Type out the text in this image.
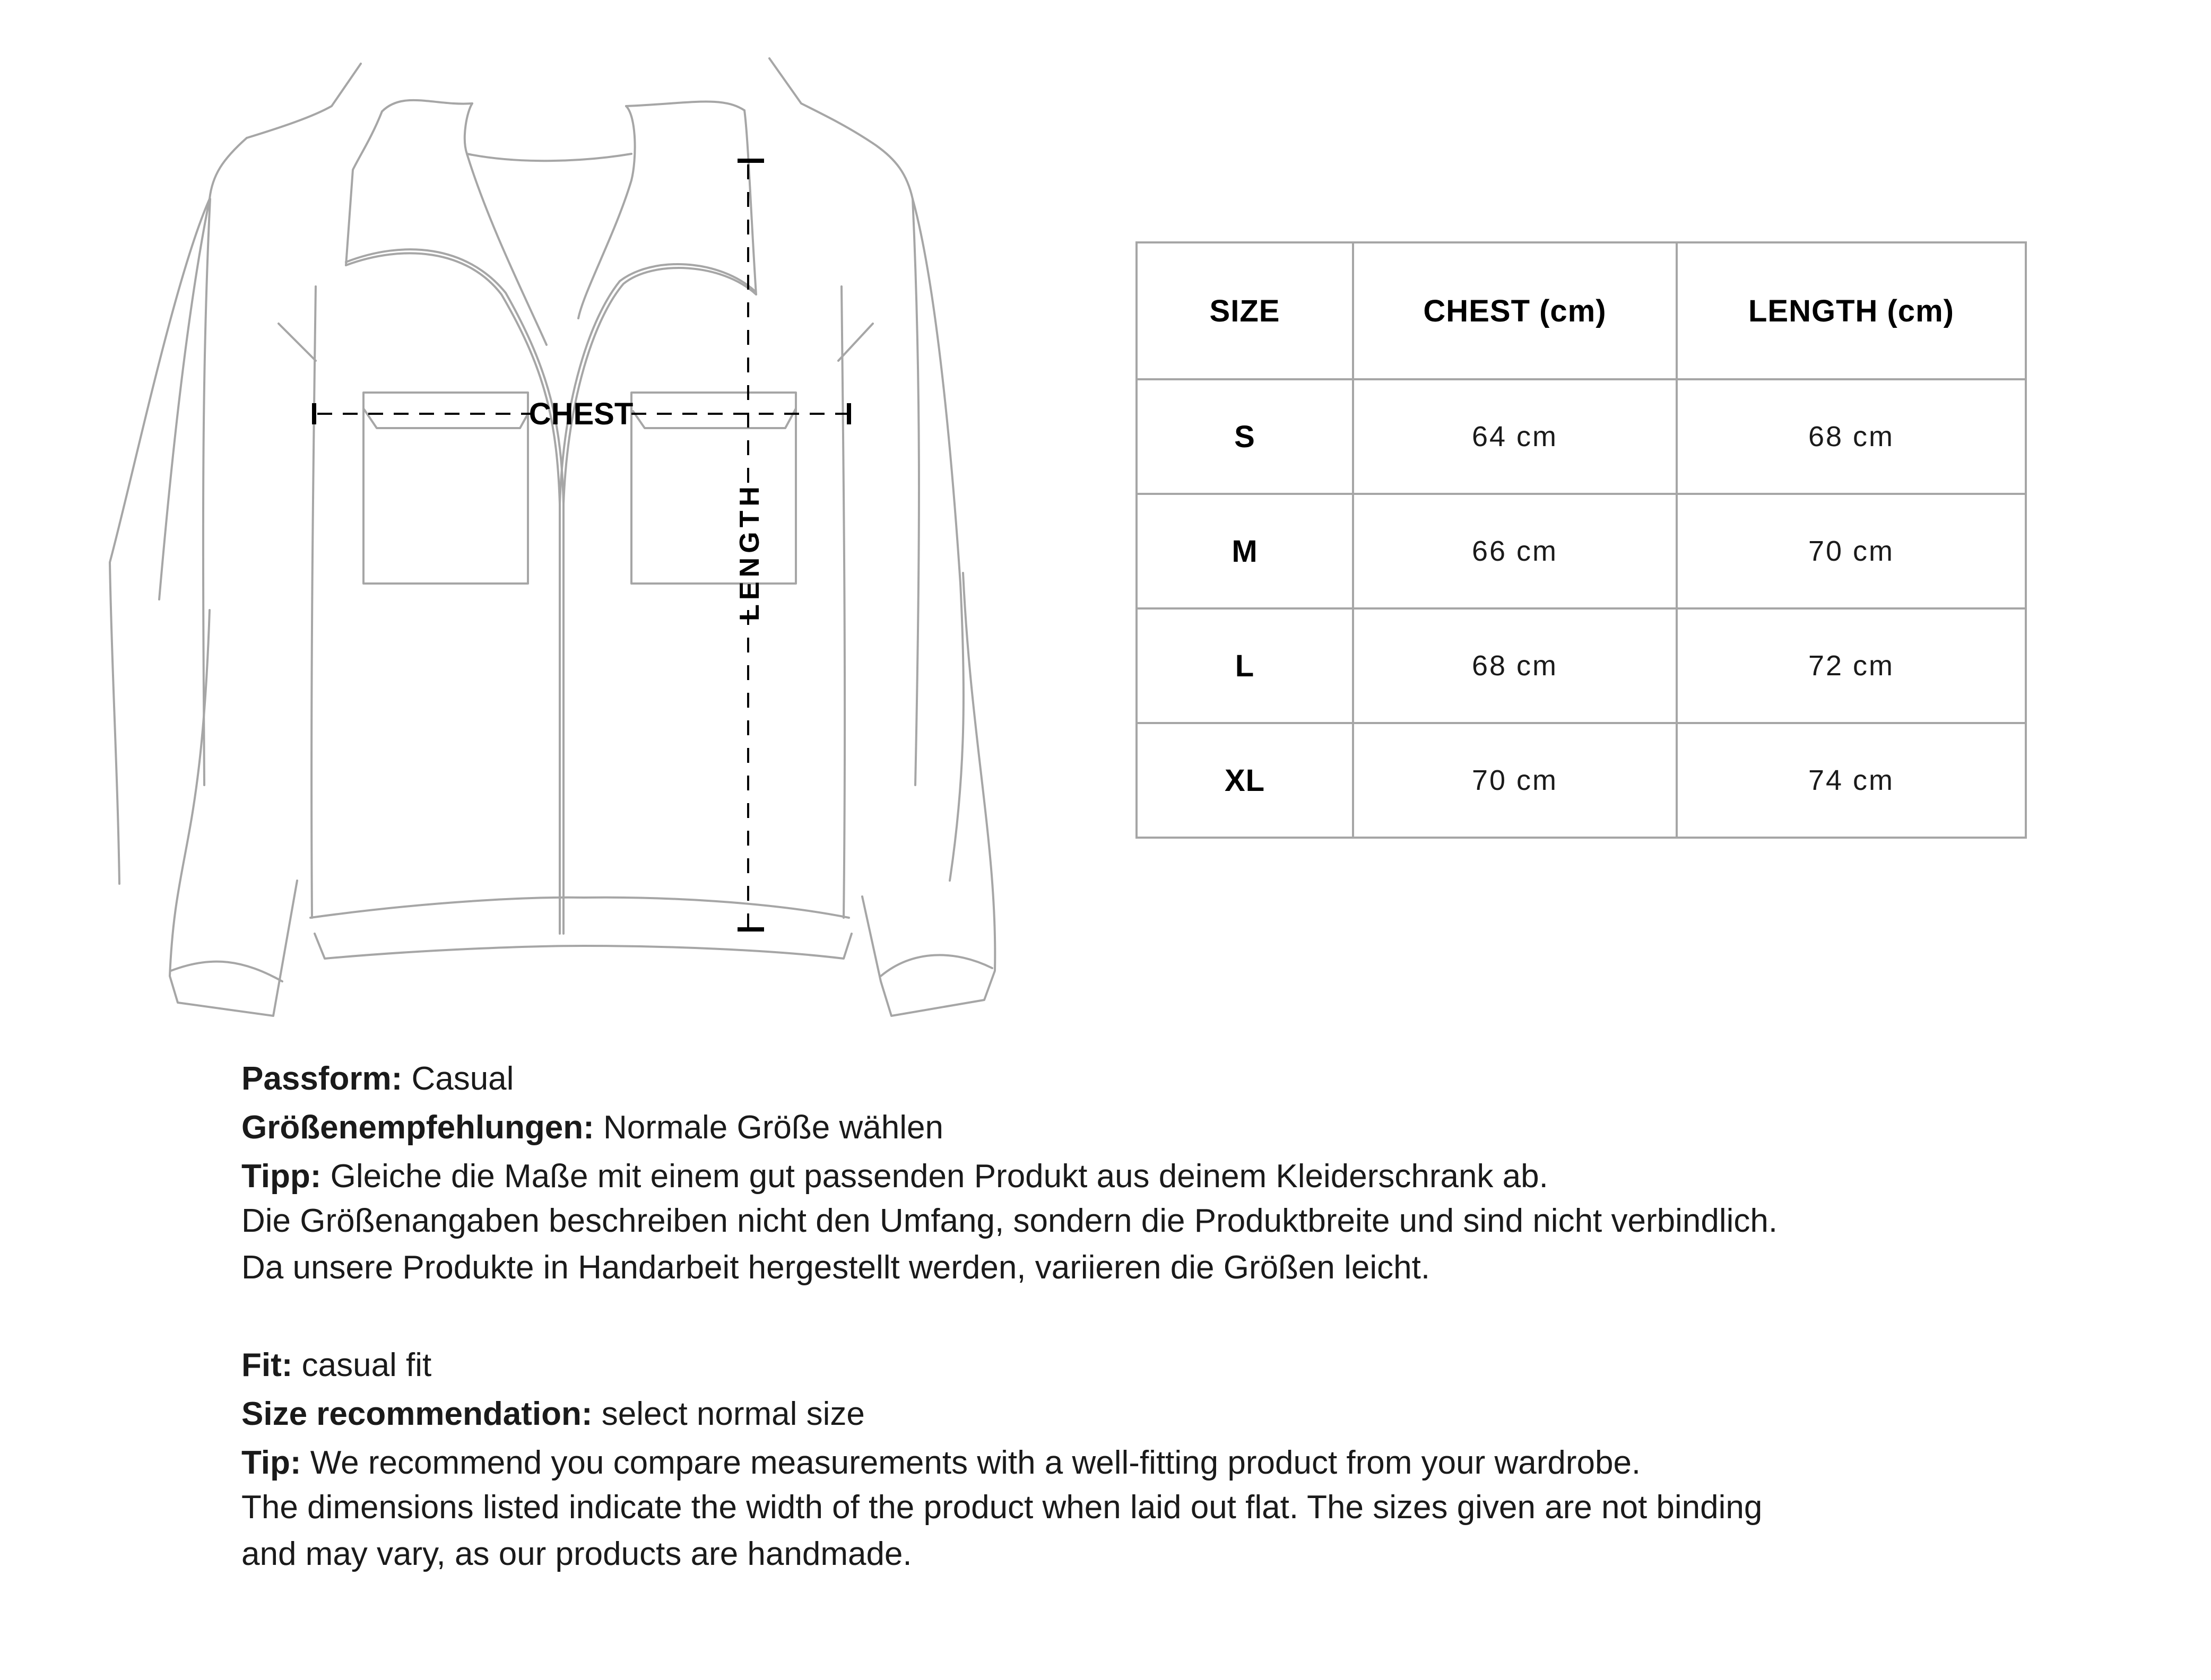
CHEST
LENGTH
SIZE	CHEST (cm)	LENGTH (cm)
S	64 cm	68 cm
M	66 cm	70 cm
L	68 cm	72 cm
XL	70 cm	74 cm

Passform: Casual

Größenempfehlungen: Normale Größe wählen

Tipp: Gleiche die Maße mit einem gut passenden Produkt aus deinem Kleiderschrank ab.

Die Größenangaben beschreiben nicht den Umfang, sondern die Produktbreite und sind nicht verbindlich.

Da unsere Produkte in Handarbeit hergestellt werden, variieren die Größen leicht.

Fit: casual fit

Size recommendation: select normal size

Tip: We recommend you compare measurements with a well-fitting product from your wardrobe.

The dimensions listed indicate the width of the product when laid out flat. The sizes given are not binding

and may vary, as our products are handmade.
